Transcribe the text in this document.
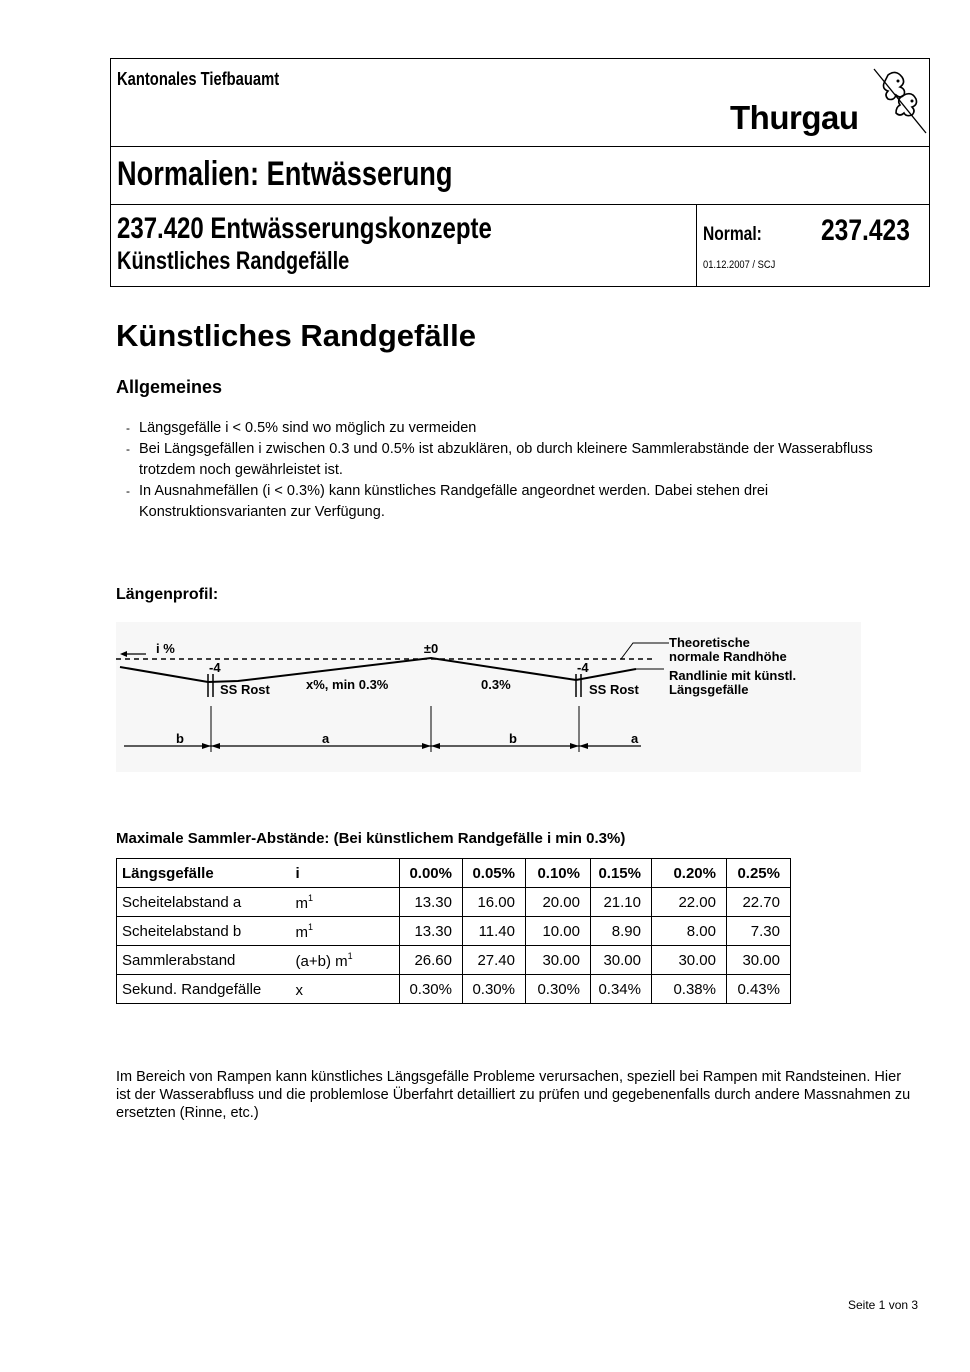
Kantonales Tiefbauamt
Thurgau
Normalien: Entwässerung
237.420 Entwässerungskonzepte
Künstliches Randgefälle
Normal: 237.423
01.12.2007 / SCJ
Künstliches Randgefälle
Allgemeines
- Längsgefälle i < 0.5% sind wo möglich zu vermeiden
- Bei Längsgefällen i zwischen 0.3 und 0.5% ist abzuklären, ob durch kleinere Sammlerabstände der Wasserabfluss trotzdem noch gewährleistet ist.
- In Ausnahmefällen (i < 0.3%) kann künstliches Randgefälle angeordnet werden. Dabei stehen drei Konstruktionsvarianten zur Verfügung.
Längenprofil:
i %	±0
-4	-4
SS Rost	SS Rost
x%, min 0.3%	0.3%
Theoretische
normale Randhöhe
Randlinie mit künstl.
Längsgefälle
b	a	b	a
Maximale Sammler-Abstände: (Bei künstlichem Randgefälle i min 0.3%)
Längsgefälle	i	0.00%	0.05%	0.10%	0.15%	0.20%	0.25%
Scheitelabstand a	$m^1$	13.30	16.00	20.00	21.10	22.00	22.70
Scheitelabstand b	$m^1$	13.30	11.40	10.00	8.90	8.00	7.30
Sammlerabstand	(a+b) $m^1$	26.60	27.40	30.00	30.00	30.00	30.00
Sekund. Randgefälle	x	0.30%	0.30%	0.30%	0.34%	0.38%	0.43%
Im Bereich von Rampen kann künstliches Längsgefälle Probleme verursachen, speziell bei Rampen mit Randsteinen. Hier ist der Wasserabfluss und die problemlose Überfahrt detailliert zu prüfen und gegebenenfalls durch andere Massnahmen zu ersetzten (Rinne, etc.)
Seite 1 von 3
